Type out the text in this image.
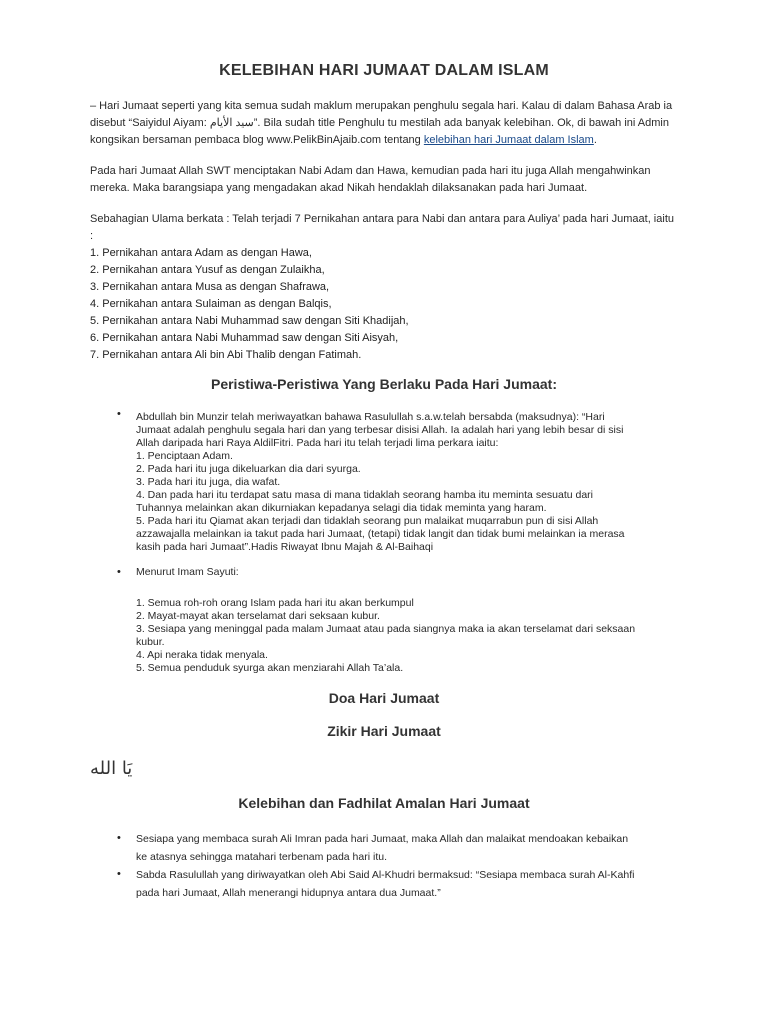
KELEBIHAN HARI JUMAAT DALAM ISLAM
– Hari Jumaat seperti yang kita semua sudah maklum merupakan penghulu segala hari. Kalau di dalam Bahasa Arab ia disebut “Saiyidul Aiyam: سيد الأيام”. Bila sudah title Penghulu tu mestilah ada banyak kelebihan. Ok, di bawah ini Admin kongsikan bersaman pembaca blog www.PelikBinAjaib.com tentang kelebihan hari Jumaat dalam Islam.
Pada hari Jumaat Allah SWT menciptakan Nabi Adam dan Hawa, kemudian pada hari itu juga Allah mengahwinkan mereka. Maka barangsiapa yang mengadakan akad Nikah hendaklah dilaksanakan pada hari Jumaat.
Sebahagian Ulama berkata : Telah terjadi 7 Pernikahan antara para Nabi dan antara para Auliya’ pada hari Jumaat, iaitu :
1. Pernikahan antara Adam as dengan Hawa,
2. Pernikahan antara Yusuf as dengan Zulaikha,
3. Pernikahan antara Musa as dengan Shafrawa,
4. Pernikahan antara Sulaiman as dengan Balqis,
5. Pernikahan antara Nabi Muhammad saw dengan Siti Khadijah,
6. Pernikahan antara Nabi Muhammad saw dengan Siti Aisyah,
7. Pernikahan antara Ali bin Abi Thalib dengan Fatimah.
Peristiwa-Peristiwa Yang Berlaku Pada Hari Jumaat:
• Abdullah bin Munzir telah meriwayatkan bahawa Rasulullah s.a.w.telah bersabda (maksudnya): “Hari
Jumaat adalah penghulu segala hari dan yang terbesar disisi Allah. Ia adalah hari yang lebih besar di sisi
Allah daripada hari Raya AldilFitri. Pada hari itu telah terjadi lima perkara iaitu:
1. Penciptaan Adam.
2. Pada hari itu juga dikeluarkan dia dari syurga.
3. Pada hari itu juga, dia wafat.
4. Dan pada hari itu terdapat satu masa di mana tidaklah seorang hamba itu meminta sesuatu dari
Tuhannya melainkan akan dikurniakan kepadanya selagi dia tidak meminta yang haram.
5. Pada hari itu Qiamat akan terjadi dan tidaklah seorang pun malaikat muqarrabun pun di sisi Allah
azzawajalla melainkan ia takut pada hari Jumaat, (tetapi) tidak langit dan tidak bumi melainkan ia merasa
kasih pada hari Jumaat”.Hadis Riwayat Ibnu Majah & Al-Baihaqi
• Menurut Imam Sayuti:
1. Semua roh-roh orang Islam pada hari itu akan berkumpul
2. Mayat-mayat akan terselamat dari seksaan kubur.
3. Sesiapa yang meninggal pada malam Jumaat atau pada siangnya maka ia akan terselamat dari seksaan
kubur.
4. Api neraka tidak menyala.
5. Semua penduduk syurga akan menziarahi Allah Ta’ala.
Doa Hari Jumaat
Zikir Hari Jumaat
يَا الله
Kelebihan dan Fadhilat Amalan Hari Jumaat
• Sesiapa yang membaca surah Ali Imran pada hari Jumaat, maka Allah dan malaikat mendoakan kebaikan
ke atasnya sehingga matahari terbenam pada hari itu.
• Sabda Rasulullah yang diriwayatkan oleh Abi Said Al-Khudri bermaksud: “Sesiapa membaca surah Al-Kahfi
pada hari Jumaat, Allah menerangi hidupnya antara dua Jumaat.”
